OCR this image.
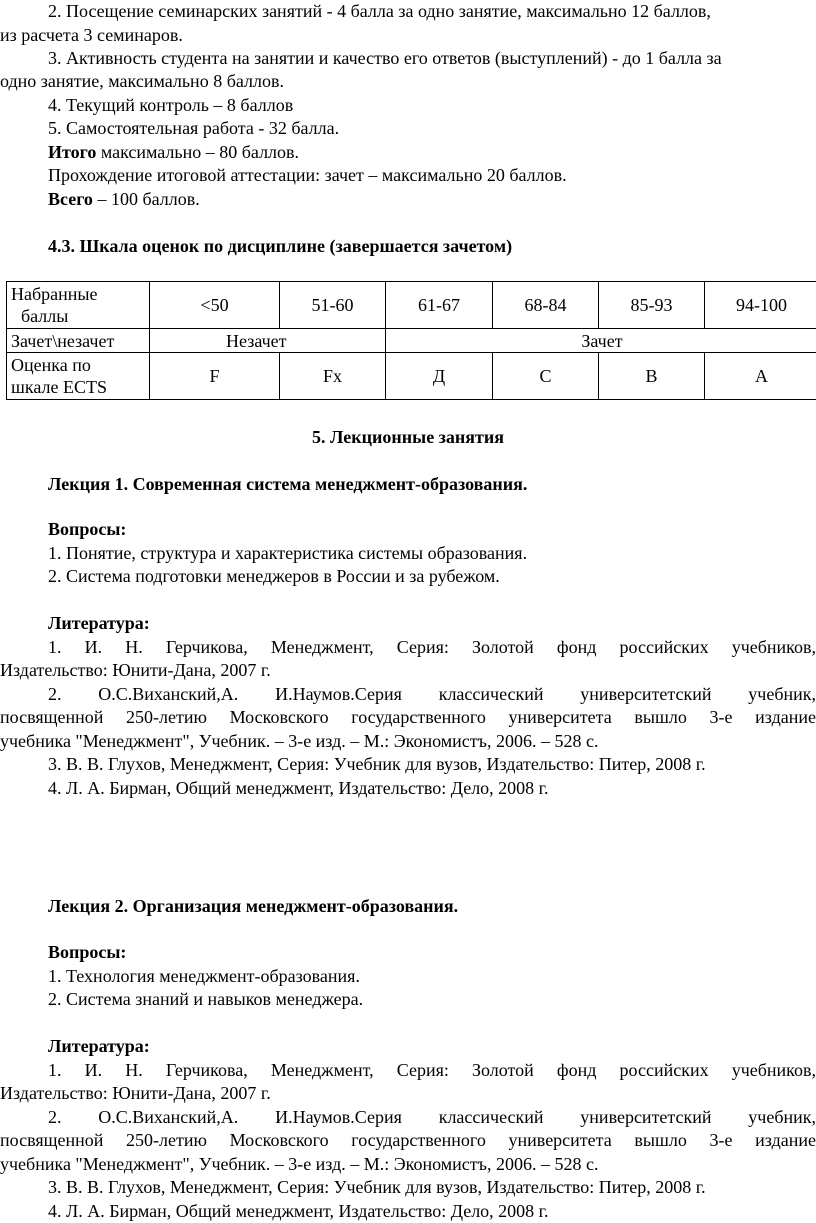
2. Посещение семинарских занятий - 4 балла за одно занятие, максимально 12 баллов,
из расчета 3 семинаров.
3. Активность студента на занятии и качество его ответов (выступлений) - до 1 балла за
одно занятие, максимально 8 баллов.
4. Текущий контроль – 8 баллов
5. Самостоятельная работа - 32 балла.
Итого максимально – 80 баллов.
Прохождение итоговой аттестации: зачет – максимально 20 баллов.
Всего – 100 баллов.
4.3. Шкала оценок по дисциплине (завершается зачетом)
Набранные
баллы	<50	51-60	61-67	68-84	85-93	94-100
Зачет\незачет	Незачет		Зачет			

Оценка по
шкале ECTS	F	Fx	Д	С	В	А
5. Лекционные занятия
Лекция 1. Современная система менеджмент-образования.
Вопросы:
1. Понятие, структура и характеристика системы образования.
2. Система подготовки менеджеров в России и за рубежом.
Литература:
1. И. Н. Герчикова, Менеджмент, Серия: Золотой фонд российских учебников,
Издательство: Юнити-Дана, 2007 г.
2. О.С.Виханский,А. И.Наумов.Серия классический университетский учебник,
посвященной 250-летию Московского государственного университета вышло 3-е издание
учебника "Менеджмент", Учебник. – 3-е изд. – М.: Экономистъ, 2006. – 528 с.
3. В. В. Глухов, Менеджмент, Серия: Учебник для вузов, Издательство: Питер, 2008 г.
4. Л. А. Бирман, Общий менеджмент, Издательство: Дело, 2008 г.
Лекция 2. Организация менеджмент-образования.
Вопросы:
1. Технология менеджмент-образования.
2. Система знаний и навыков менеджера.
Литература:
1. И. Н. Герчикова, Менеджмент, Серия: Золотой фонд российских учебников,
Издательство: Юнити-Дана, 2007 г.
2. О.С.Виханский,А. И.Наумов.Серия классический университетский учебник,
посвященной 250-летию Московского государственного университета вышло 3-е издание
учебника "Менеджмент", Учебник. – 3-е изд. – М.: Экономистъ, 2006. – 528 с.
3. В. В. Глухов, Менеджмент, Серия: Учебник для вузов, Издательство: Питер, 2008 г.
4. Л. А. Бирман, Общий менеджмент, Издательство: Дело, 2008 г.
